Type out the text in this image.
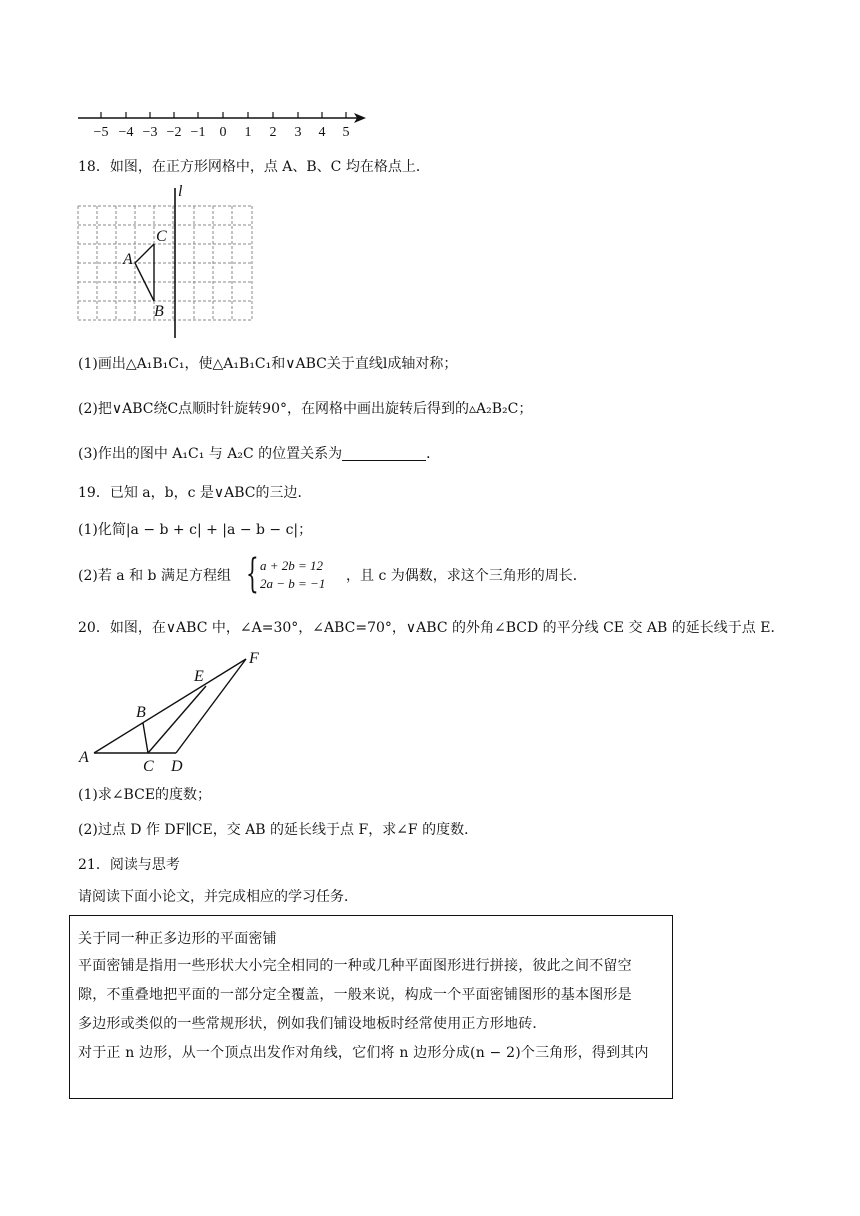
−5 −4 −3 −2 −1 0 1 2 3 4 5
18．如图，在正方形网格中，点 A、B、C 均在格点上．
l
A
B
C
(1)画出△A₁B₁C₁，使△A₁B₁C₁和∨ABC关于直线l成轴对称；
(2)把∨ABC绕C点顺时针旋转90°，在网格中画出旋转后得到的▵A₂B₂C；
(3)作出的图中 A₁C₁ 与 A₂C 的位置关系为	．
19．已知 a，b，c 是∨ABC的三边．
(1)化简|a − b + c| + |a − b − c|；
(2)若 a 和 b 满足方程组 { a + 2b = 12
2a − b = −1 ，且 c 为偶数，求这个三角形的周长．
20．如图，在∨ABC 中，∠A=30°，∠ABC=70°，∨ABC 的外角∠BCD 的平分线 CE 交 AB 的延长线于点 E．
A
B
C D
E
F
(1)求∠BCE的度数；
(2)过点 D 作 DF∥CE，交 AB 的延长线于点 F，求∠F 的度数．
21．阅读与思考
请阅读下面小论文，并完成相应的学习任务．

关于同一种正多边形的平面密铺

平面密铺是指用一些形状大小完全相同的一种或几种平面图形进行拼接，彼此之间不留空

隙，不重叠地把平面的一部分定全覆盖，一般来说，构成一个平面密铺图形的基本图形是

多边形或类似的一些常规形状，例如我们铺设地板时经常使用正方形地砖．

对于正 n 边形，从一个顶点出发作对角线，它们将 n 边形分成(n − 2)个三角形，得到其内
